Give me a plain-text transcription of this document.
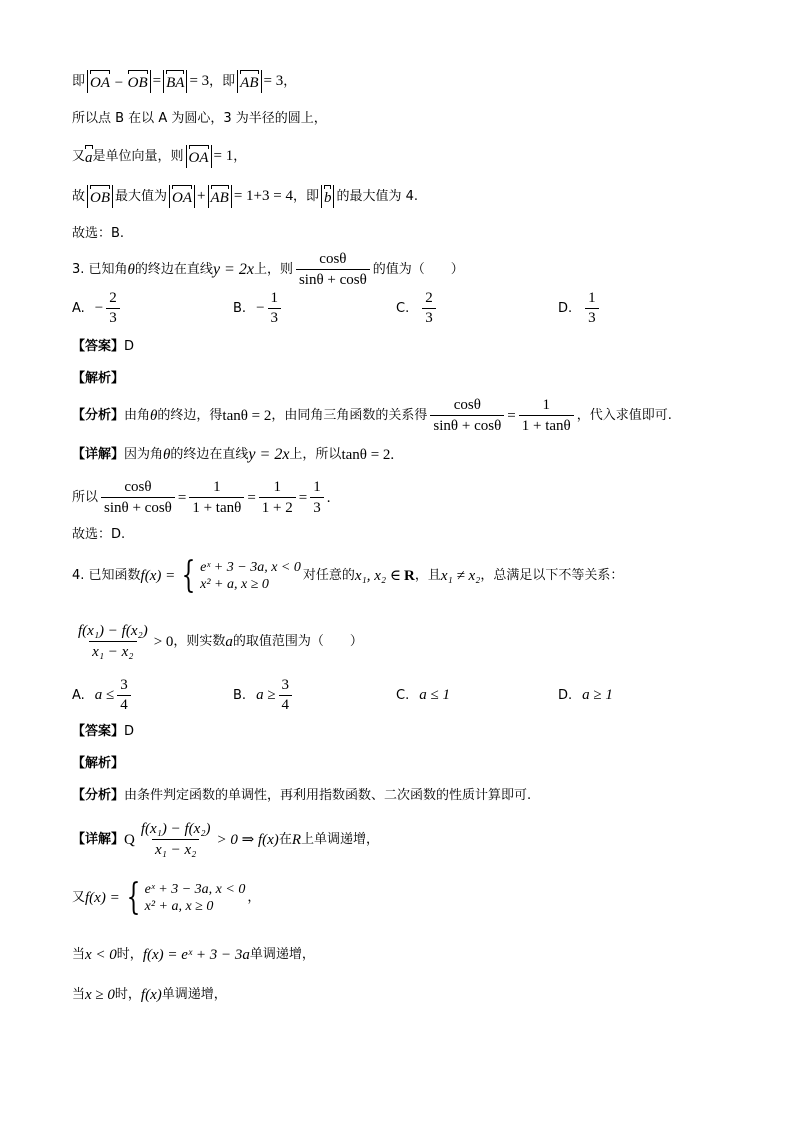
即 OA − OB = BA = 3 ，即 AB = 3 ，
所以点 B 在以 A 为圆心，3 为半径的圆上，
又 a 是单位向量，则 OA = 1 ，
故 OB 最大值为 OA + AB = 1+3 = 4 ，即 b 的最大值为 4.
故选：B.
3. 已知角 θ 的终边在直线 y = 2x 上，则 $\frac{\cos\theta}{\sin\theta + \cos\theta}$ 的值为（　　）
A. − $\frac{2}{3}$	B. − $\frac{1}{3}$	C. $\frac{2}{3}$	D. $\frac{1}{3}$
【答案】 D
【解析】
【分析】 由角 θ 的终边，得 tanθ = 2 ，由同角三角函数的关系得 $\frac{\cos\theta}{\sin\theta + \cos\theta} = \frac{1}{1 + \tan\theta}$ ，代入求值即可.
【详解】 因为角 θ 的终边在直线 y = 2x 上，所以 tanθ = 2.
所以 $\frac{\cos\theta}{\sin\theta + \cos\theta} = \frac{1}{1 + \tan\theta} = \frac{1}{1 + 2} = \frac{1}{3}$ .
故选：D.
4. 已知函数 f(x) = { eˣ + 3 − 3a, x < 0
x² + a, x ≥ 0
对任意的 x₁, x₂ ∈ R ，且 x₁ ≠ x₂ ，总满足以下不等关系：
$\frac{\text{f(x₁) − f(x₂)}}{\text{x₁ − x₂}} > 0$ ，则实数 a 的取值范围为（　　）
A. $a \le \frac{3}{4}$	B. $a \ge \frac{3}{4}$	C. a ≤ 1	D. a ≥ 1
【答案】 D
【解析】
【分析】 由条件判定函数的单调性，再利用指数函数、二次函数的性质计算即可.
【详解】 Q $\frac{\text{f(x₁) − f(x₂)}}{\text{x₁ − x₂}} > 0$ ⇒ f(x) 在 R 上单调递增，
又 f(x) = { eˣ + 3 − 3a, x < 0
x² + a, x ≥ 0
，
当 x < 0 时， f(x) = eˣ + 3 − 3a 单调递增，
当 x ≥ 0 时， f(x) 单调递增，
